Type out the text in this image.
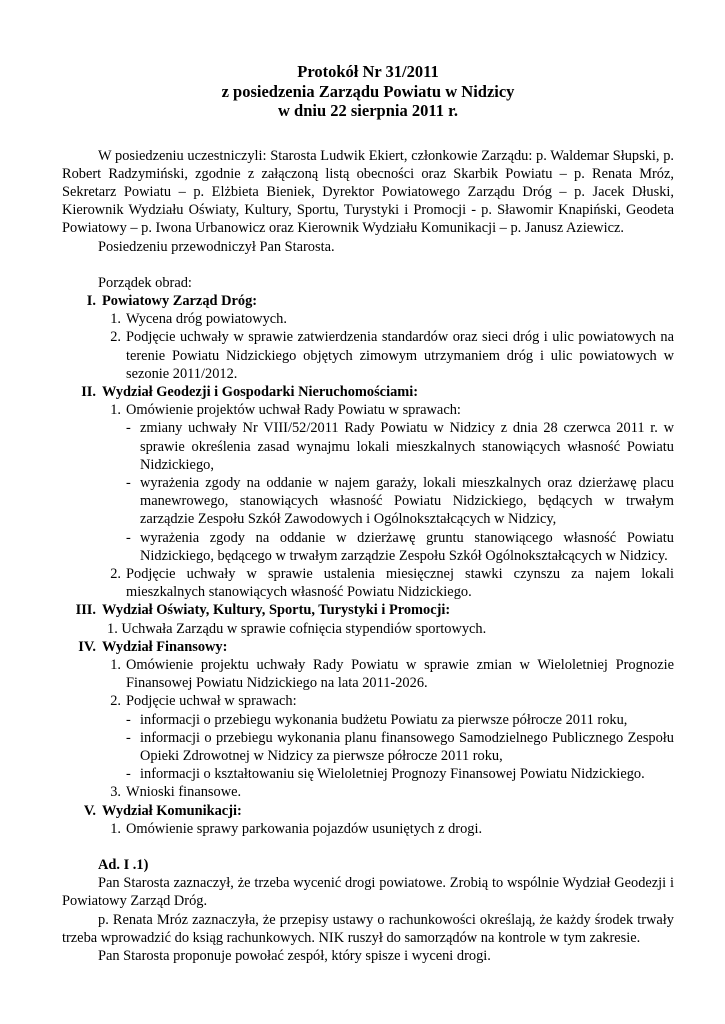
Protokół Nr 31/2011
z posiedzenia Zarządu Powiatu w Nidzicy
w dniu 22 sierpnia 2011 r.

W posiedzeniu uczestniczyli: Starosta Ludwik Ekiert, członkowie Zarządu: p. Waldemar Słupski, p. Robert Radzymiński, zgodnie z załączoną listą obecności oraz Skarbik Powiatu – p. Renata Mróz, Sekretarz Powiatu – p. Elżbieta Bieniek, Dyrektor Powiatowego Zarządu Dróg – p. Jacek Dłuski, Kierownik Wydziału Oświaty, Kultury, Sportu, Turystyki i Promocji - p. Sławomir Knapiński, Geodeta Powiatowy – p. Iwona Urbanowicz oraz Kierownik Wydziału Komunikacji – p. Janusz Aziewicz.

Posiedzeniu przewodniczył Pan Starosta.

Porządek obrad:

I. Powiatowy Zarząd Dróg:
1. Wycena dróg powiatowych.
2. Podjęcie uchwały w sprawie zatwierdzenia standardów oraz sieci dróg i ulic powiatowych na terenie Powiatu Nidzickiego objętych zimowym utrzymaniem dróg i ulic powiatowych w sezonie 2011/2012.
II. Wydział Geodezji i Gospodarki Nieruchomościami:
1. Omówienie projektów uchwał Rady Powiatu w sprawach:
- zmiany uchwały Nr VIII/52/2011 Rady Powiatu w Nidzicy z dnia 28 czerwca 2011 r. w sprawie określenia zasad wynajmu lokali mieszkalnych stanowiących własność Powiatu Nidzickiego,
- wyrażenia zgody na oddanie w najem garaży, lokali mieszkalnych oraz dzierżawę placu manewrowego, stanowiących własność Powiatu Nidzickiego, będących w trwałym zarządzie Zespołu Szkół Zawodowych i Ogólnokształcących w Nidzicy,
- wyrażenia zgody na oddanie w dzierżawę gruntu stanowiącego własność Powiatu Nidzickiego, będącego w trwałym zarządzie Zespołu Szkół Ogólnokształcących w Nidzicy.
2. Podjęcie uchwały w sprawie ustalenia miesięcznej stawki czynszu za najem lokali mieszkalnych stanowiących własność Powiatu Nidzickiego.
III. Wydział Oświaty, Kultury, Sportu, Turystyki i Promocji:

1. Uchwała Zarządu w sprawie cofnięcia stypendiów sportowych.

IV. Wydział Finansowy:
1. Omówienie projektu uchwały Rady Powiatu w sprawie zmian w Wieloletniej Prognozie Finansowej Powiatu Nidzickiego na lata 2011-2026.
2. Podjęcie uchwał w sprawach:
- informacji o przebiegu wykonania budżetu Powiatu za pierwsze półrocze 2011 roku,
- informacji o przebiegu wykonania planu finansowego Samodzielnego Publicznego Zespołu Opieki Zdrowotnej w Nidzicy za pierwsze półrocze 2011 roku,
- informacji o kształtowaniu się Wieloletniej Prognozy Finansowej Powiatu Nidzickiego.
3. Wnioski finansowe.
V. Wydział Komunikacji:
1. Omówienie sprawy parkowania pojazdów usuniętych z drogi.

Ad. I .1)

Pan Starosta zaznaczył, że trzeba wycenić drogi powiatowe. Zrobią to wspólnie Wydział Geodezji i Powiatowy Zarząd Dróg.

p. Renata Mróz zaznaczyła, że przepisy ustawy o rachunkowości określają, że każdy środek trwały trzeba wprowadzić do ksiąg rachunkowych. NIK ruszył do samorządów na kontrole w tym zakresie.

Pan Starosta proponuje powołać zespół, który spisze i wyceni drogi.
